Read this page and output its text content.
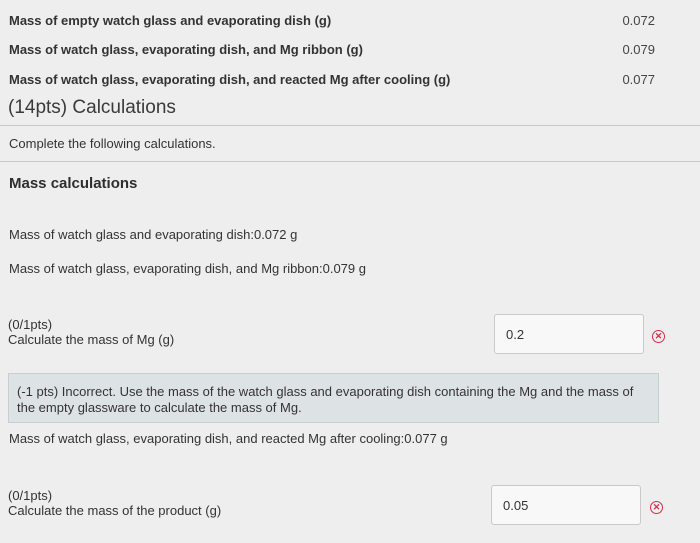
Mass of empty watch glass and evaporating dish (g)	0.072
Mass of watch glass, evaporating dish, and Mg ribbon (g)	0.079
Mass of watch glass, evaporating dish, and reacted Mg after cooling (g)	0.077
(14pts) Calculations
Complete the following calculations.
Mass calculations
Mass of watch glass and evaporating dish:0.072 g
Mass of watch glass, evaporating dish, and Mg ribbon:0.079 g
(0/1pts)
Calculate the mass of Mg (g)	0.2	✕
(-1 pts) Incorrect. Use the mass of the watch glass and evaporating dish containing the Mg and the mass of the empty glassware to calculate the mass of Mg.
Mass of watch glass, evaporating dish, and reacted Mg after cooling:0.077 g
(0/1pts)
Calculate the mass of the product (g)	0.05	✕
